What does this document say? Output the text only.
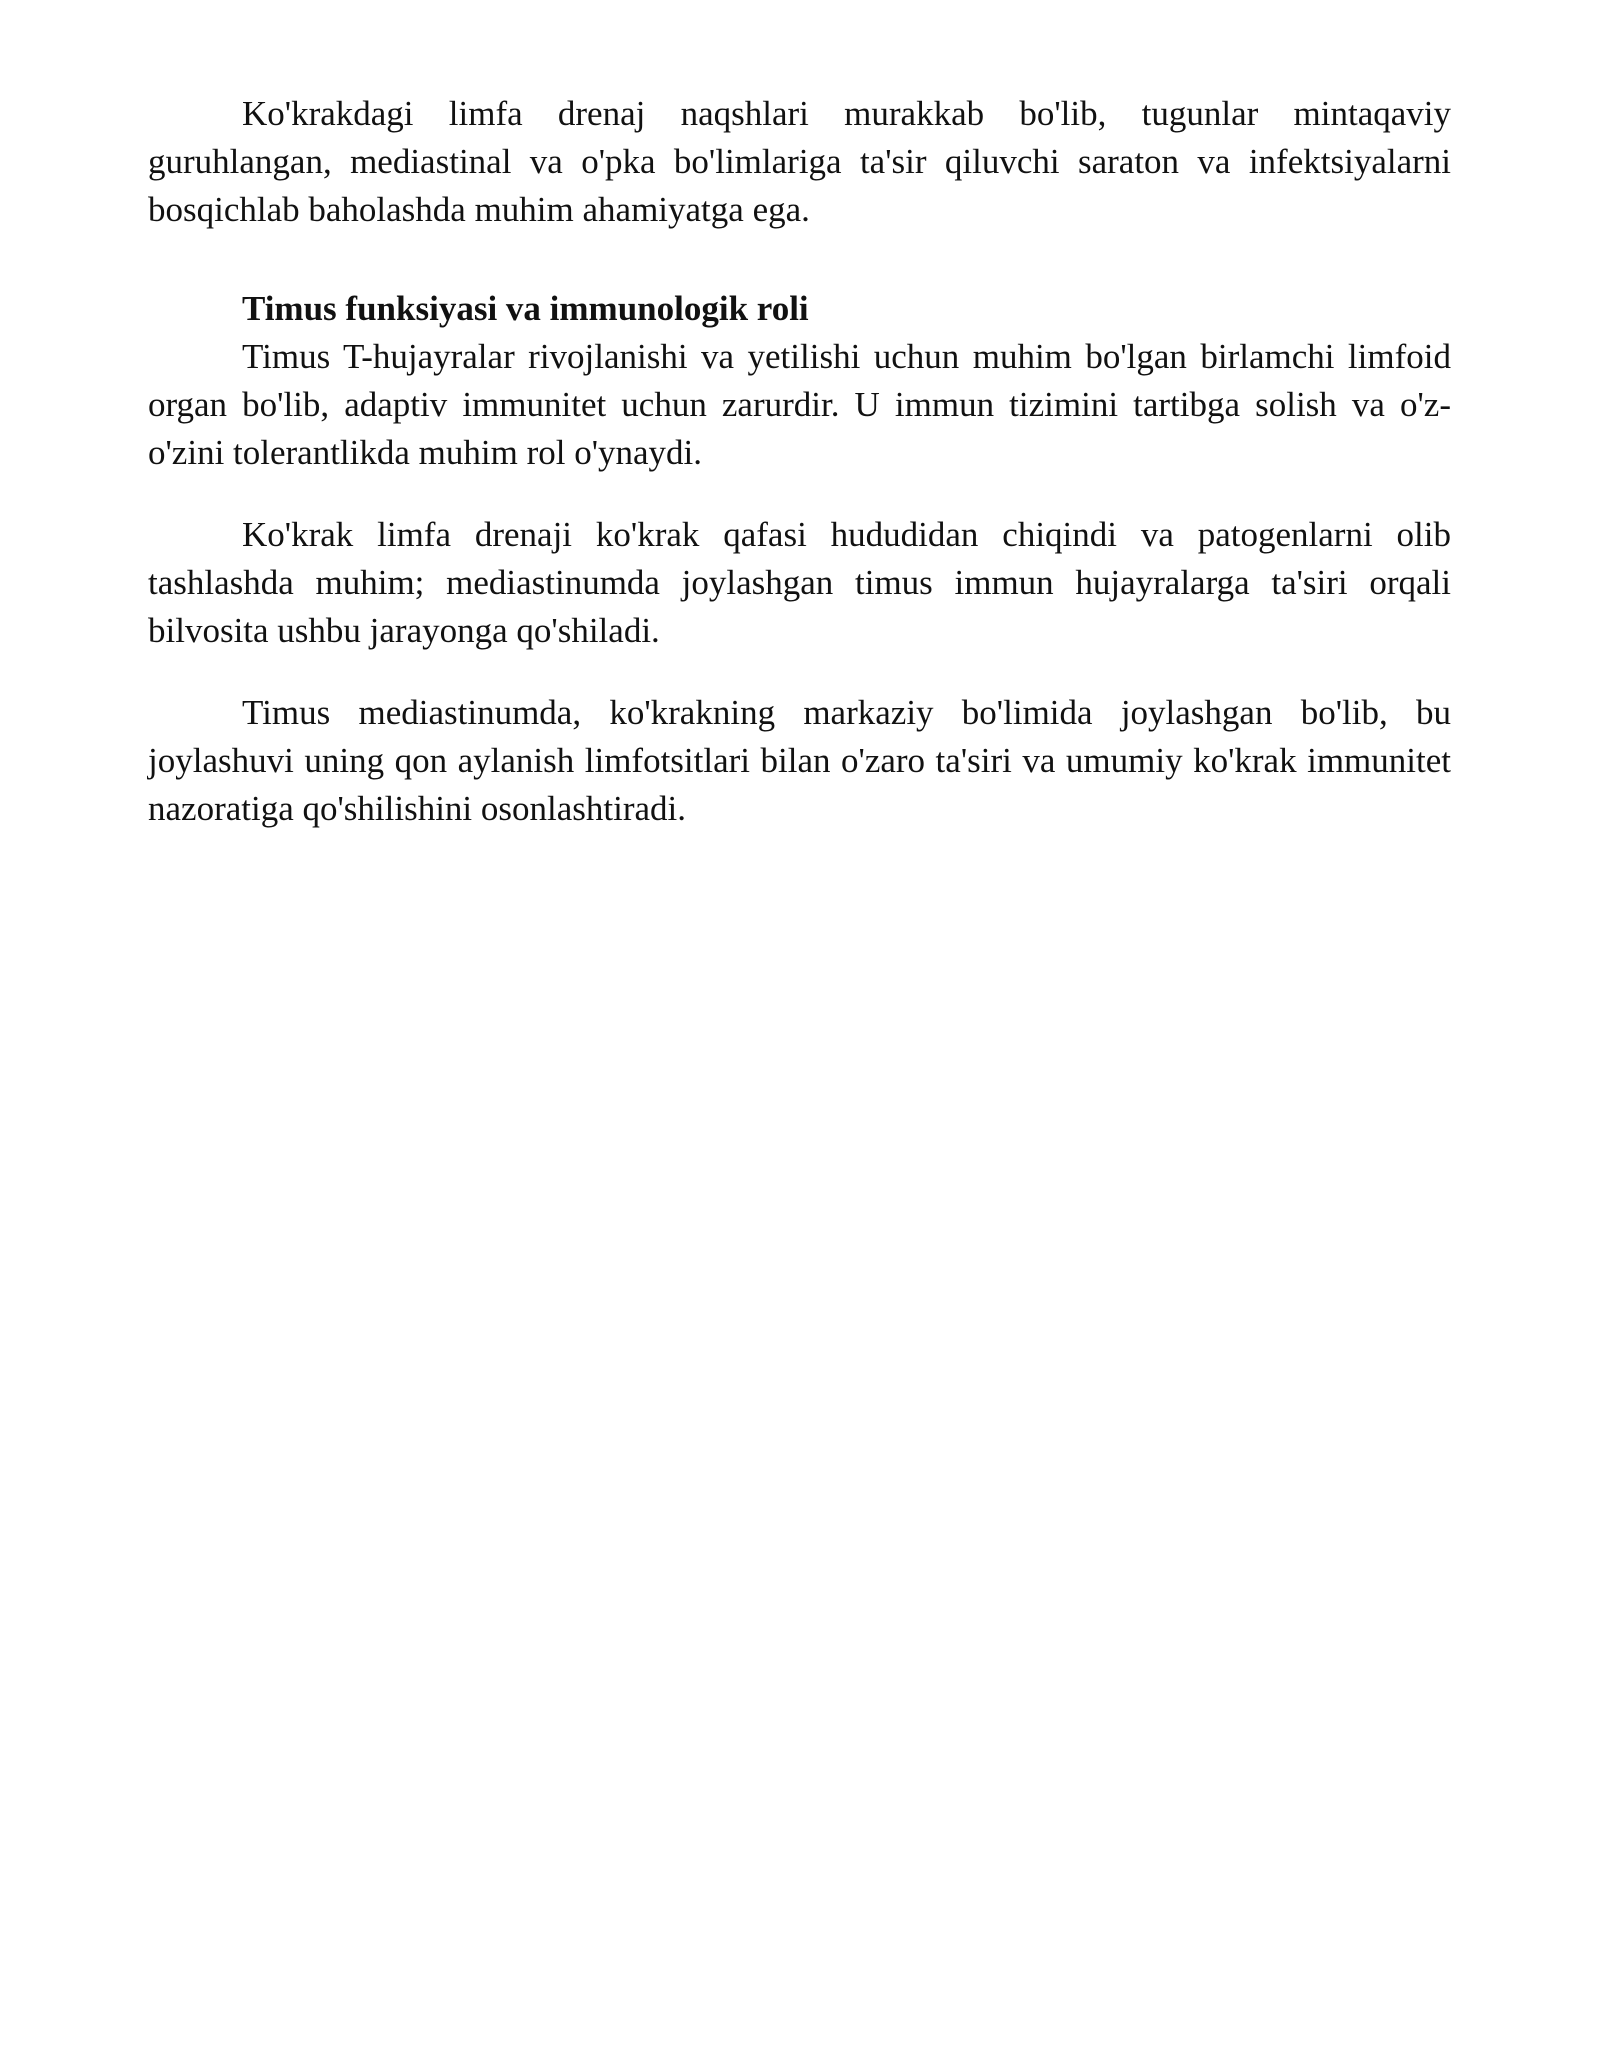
Ko'krakdagi limfa drenaj naqshlari murakkab bo'lib, tugunlar mintaqaviy guruhlangan, mediastinal va o'pka bo'limlariga ta'sir qiluvchi saraton va infektsiyalarni bosqichlab baholashda muhim ahamiyatga ega.

Timus funksiyasi va immunologik roli

Timus T-hujayralar rivojlanishi va yetilishi uchun muhim bo'lgan birlamchi limfoid organ bo'lib, adaptiv immunitet uchun zarurdir. U immun tizimini tartibga solish va o'z-o'zini tolerantlikda muhim rol o'ynaydi.

Ko'krak limfa drenaji ko'krak qafasi hududidan chiqindi va patogenlarni olib tashlashda muhim; mediastinumda joylashgan timus immun hujayralarga ta'siri orqali bilvosita ushbu jarayonga qo'shiladi.

Timus mediastinumda, ko'krakning markaziy bo'limida joylashgan bo'lib, bu joylashuvi uning qon aylanish limfotsitlari bilan o'zaro ta'siri va umumiy ko'krak immunitet nazoratiga qo'shilishini osonlashtiradi.
